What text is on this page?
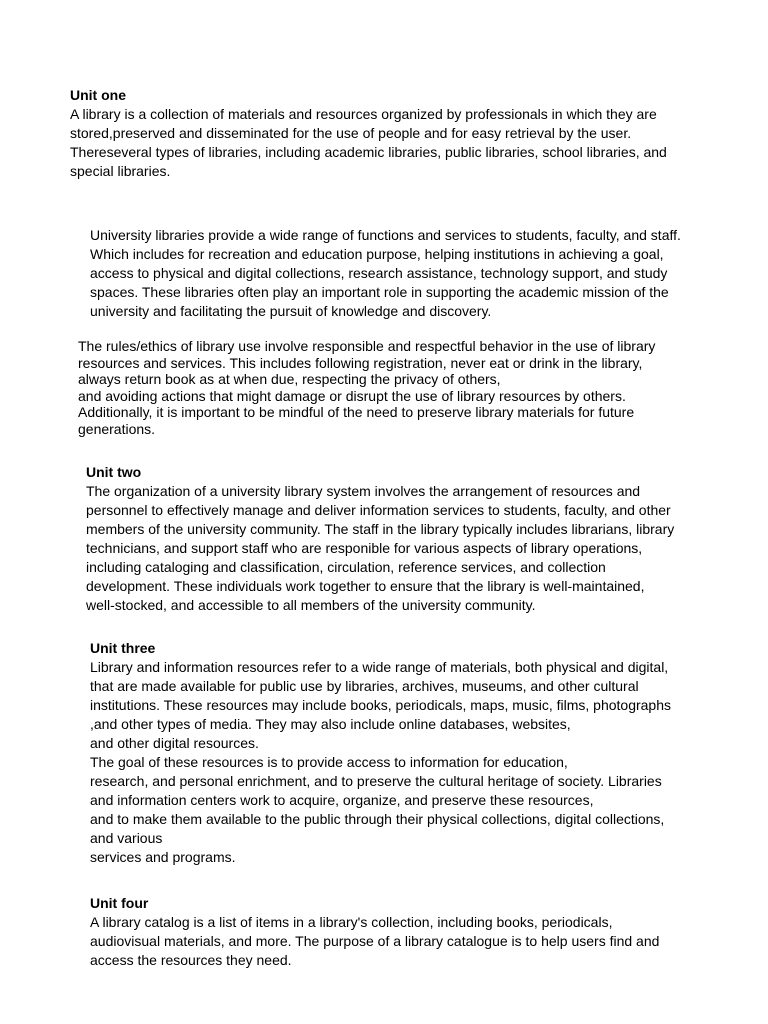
Unit one
A library is a collection of materials and resources organized by professionals in which they are
stored,preserved and disseminated for the use of people and for easy retrieval by the user.
Thereseveral types of libraries, including academic libraries, public libraries, school libraries, and
special libraries.
University libraries provide a wide range of functions and services to students, faculty, and staff.
Which includes for recreation and education purpose, helping institutions in achieving a goal,
access to physical and digital collections, research assistance, technology support, and study
spaces. These libraries often play an important role in supporting the academic mission of the
university and facilitating the pursuit of knowledge and discovery.
The rules/ethics of library use involve responsible and respectful behavior in the use of library
resources and services. This includes following registration, never eat or drink in the library,
always return book as at when due, respecting the privacy of others,
and avoiding actions that might damage or disrupt the use of library resources by others.
Additionally, it is important to be mindful of the need to preserve library materials for future
generations.
Unit two
The organization of a university library system involves the arrangement of resources and
personnel to effectively manage and deliver information services to students, faculty, and other
members of the university community. The staff in the library typically includes librarians, library
technicians, and support staff who are responible for various aspects of library operations,
including cataloging and classification, circulation, reference services, and collection
development. These individuals work together to ensure that the library is well-maintained,
well-stocked, and accessible to all members of the university community.
Unit three
Library and information resources refer to a wide range of materials, both physical and digital,
that are made available for public use by libraries, archives, museums, and other cultural
institutions. These resources may include books, periodicals, maps, music, films, photographs
,and other types of media. They may also include online databases, websites,
and other digital resources.
The goal of these resources is to provide access to information for education,
research, and personal enrichment, and to preserve the cultural heritage of society. Libraries
and information centers work to acquire, organize, and preserve these resources,
and to make them available to the public through their physical collections, digital collections,
and various
services and programs.
Unit four
A library catalog is a list of items in a library's collection, including books, periodicals,
audiovisual materials, and more. The purpose of a library catalogue is to help users find and
access the resources they need.
